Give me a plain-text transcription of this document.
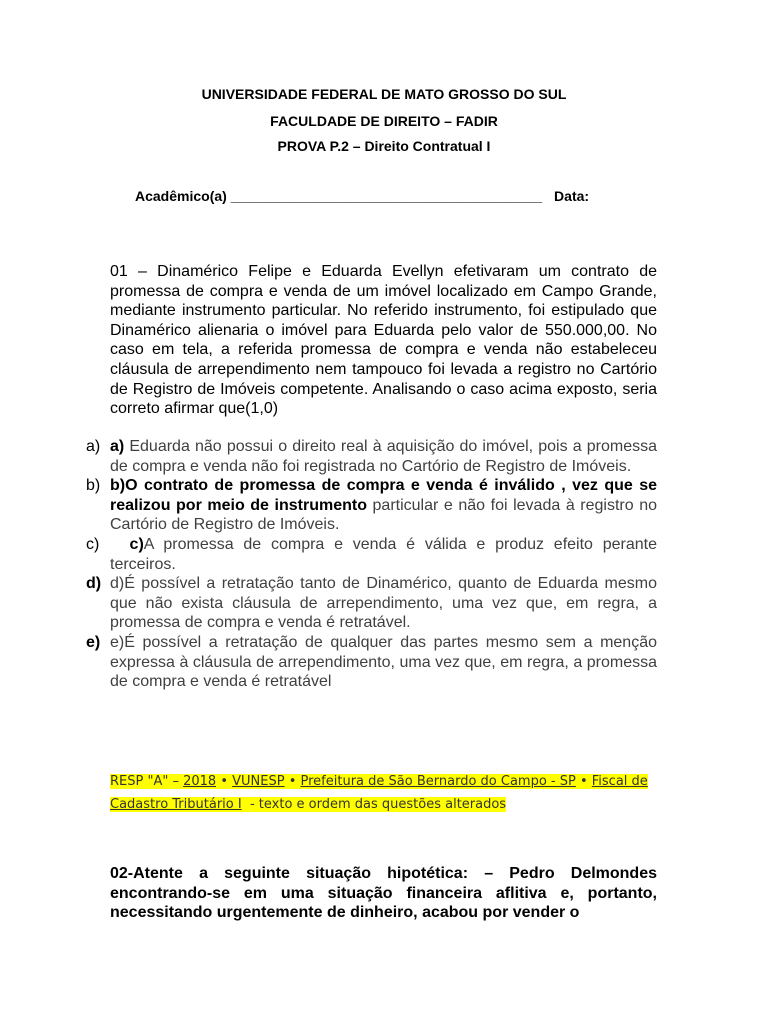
UNIVERSIDADE FEDERAL DE MATO GROSSO DO SUL
FACULDADE DE DIREITO – FADIR
PROVA P.2 – Direito Contratual I
Acadêmico(a) ________________________________________ Data:
01 – Dinamérico Felipe e Eduarda Evellyn efetivaram um contrato de promessa de compra e venda de um imóvel localizado em Campo Grande, mediante instrumento particular. No referido instrumento, foi estipulado que Dinamérico alienaria o imóvel para Eduarda pelo valor de 550.000,00. No caso em tela, a referida promessa de compra e venda não estabeleceu cláusula de arrependimento nem tampouco foi levada a registro no Cartório de Registro de Imóveis competente. Analisando o caso acima exposto, seria correto afirmar que(1,0)

a) a) Eduarda não possui o direito real à aquisição do imóvel, pois a promessa de compra e venda não foi registrada no Cartório de Registro de Imóveis.

b) b)O contrato de promessa de compra e venda é inválido , vez que se realizou por meio de instrumento particular e não foi levada à registro no Cartório de Registro de Imóveis.

c) c)A promessa de compra e venda é válida e produz efeito perante terceiros.

d) d)É possível a retratação tanto de Dinamérico, quanto de Eduarda mesmo que não exista cláusula de arrependimento, uma vez que, em regra, a promessa de compra e venda é retratável.

e) e)É possível a retratação de qualquer das partes mesmo sem a menção expressa à cláusula de arrependimento, uma vez que, em regra, a promessa de compra e venda é retratável

RESP "A" – 2018 • VUNESP • Prefeitura de São Bernardo do Campo - SP • Fiscal de Cadastro Tributário I  - texto e ordem das questões alterados
02-Atente a seguinte situação hipotética: – Pedro Delmondes encontrando-se em uma situação financeira aflitiva e, portanto, necessitando urgentemente de dinheiro, acabou por vender o
